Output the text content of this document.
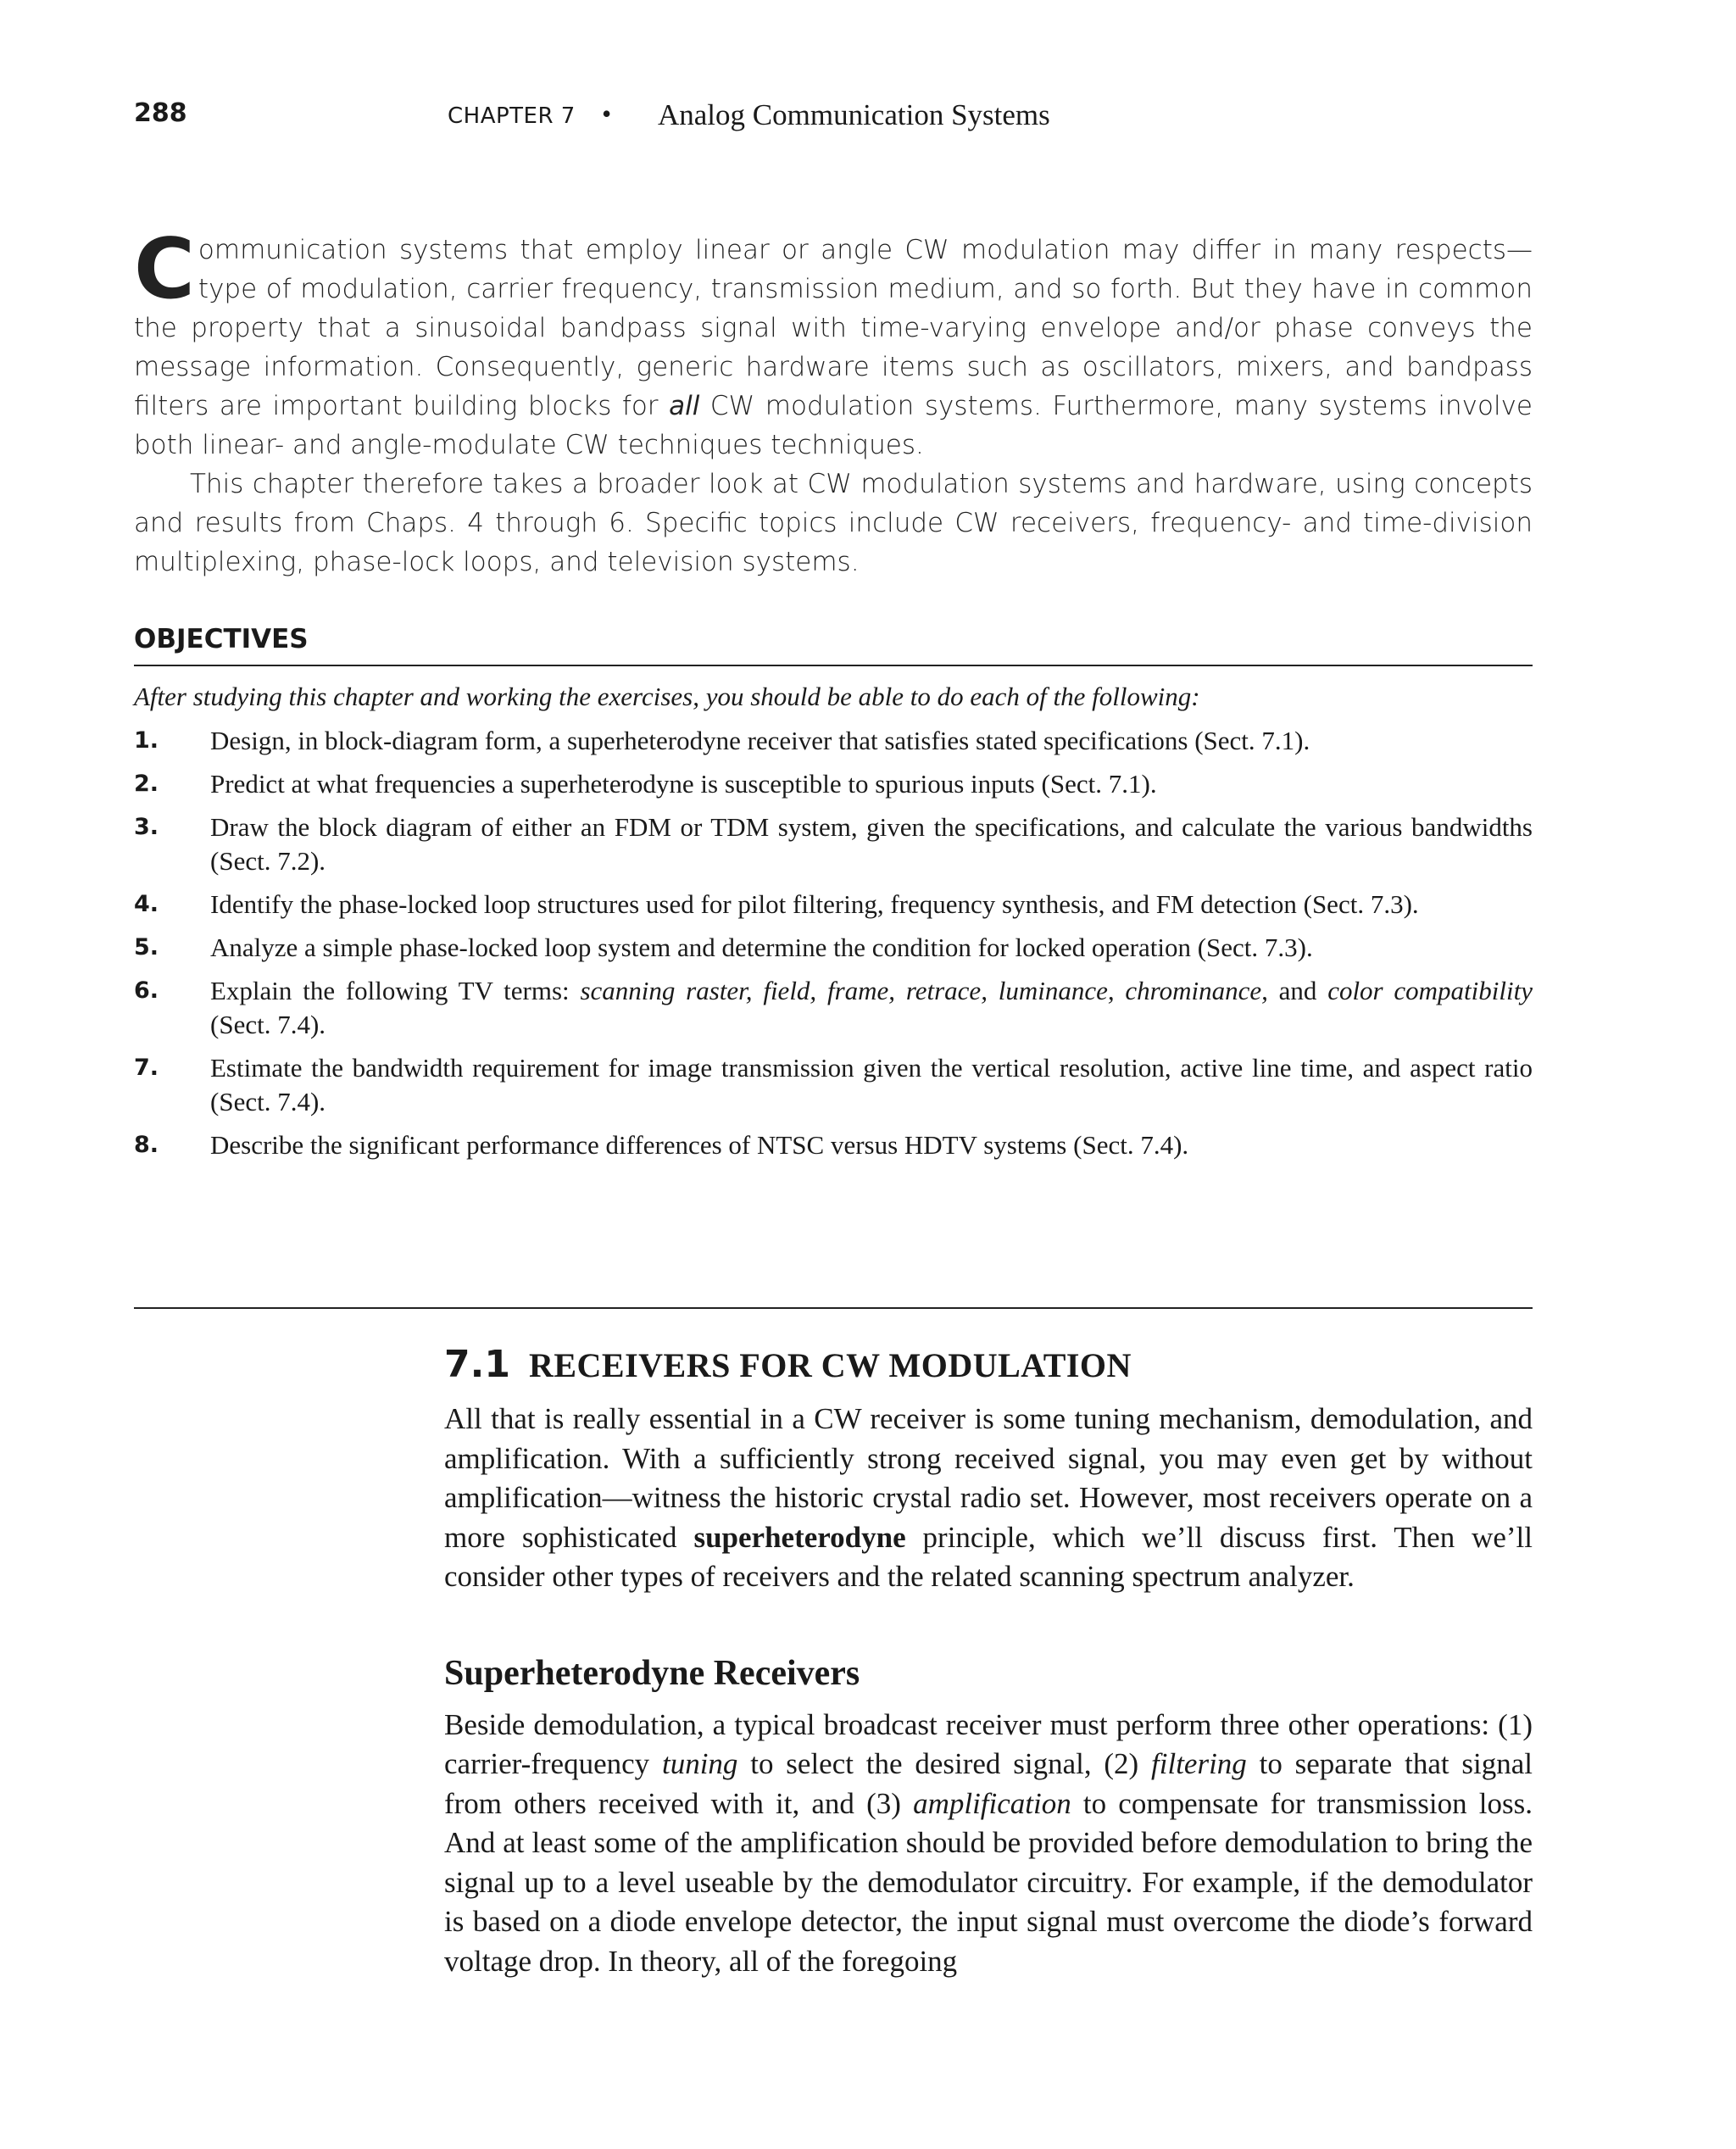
288	CHAPTER 7 • Analog Communication Systems

Communication systems that employ linear or angle CW modulation may differ in many respects—type of modulation, carrier frequency, transmission medium, and so forth. But they have in common the property that a sinusoidal bandpass signal with time-varying envelope and/or phase conveys the message information. Consequently, generic hardware items such as oscillators, mixers, and bandpass filters are important building blocks for all CW modulation systems. Furthermore, many systems involve both linear- and angle-modulate CW techniques techniques.

This chapter therefore takes a broader look at CW modulation systems and hardware, using concepts and results from Chaps. 4 through 6. Specific topics include CW receivers, frequency- and time-division multiplexing, phase-lock loops, and television systems.

OBJECTIVES

After studying this chapter and working the exercises, you should be able to do each of the following:

1. Design, in block-diagram form, a superheterodyne receiver that satisfies stated specifications (Sect. 7.1).
2. Predict at what frequencies a superheterodyne is susceptible to spurious inputs (Sect. 7.1).
3. Draw the block diagram of either an FDM or TDM system, given the specifications, and calculate the various bandwidths (Sect. 7.2).
4. Identify the phase-locked loop structures used for pilot filtering, frequency synthesis, and FM detection (Sect. 7.3).
5. Analyze a simple phase-locked loop system and determine the condition for locked operation (Sect. 7.3).
6. Explain the following TV terms: scanning raster, field, frame, retrace, luminance, chrominance, and color compatibility (Sect. 7.4).
7. Estimate the bandwidth requirement for image transmission given the vertical resolution, active line time, and aspect ratio (Sect. 7.4).
8. Describe the significant performance differences of NTSC versus HDTV systems (Sect. 7.4).
7.1 RECEIVERS FOR CW MODULATION

All that is really essential in a CW receiver is some tuning mechanism, demodulation, and amplification. With a sufficiently strong received signal, you may even get by without amplification—witness the historic crystal radio set. However, most receivers operate on a more sophisticated superheterodyne principle, which we’ll discuss first. Then we’ll consider other types of receivers and the related scanning spectrum analyzer.

Superheterodyne Receivers

Beside demodulation, a typical broadcast receiver must perform three other operations: (1) carrier-frequency tuning to select the desired signal, (2) filtering to separate that signal from others received with it, and (3) amplification to compensate for transmission loss. And at least some of the amplification should be provided before demodulation to bring the signal up to a level useable by the demodulator circuitry. For example, if the demodulator is based on a diode envelope detector, the input signal must overcome the diode’s forward voltage drop. In theory, all of the foregoing
